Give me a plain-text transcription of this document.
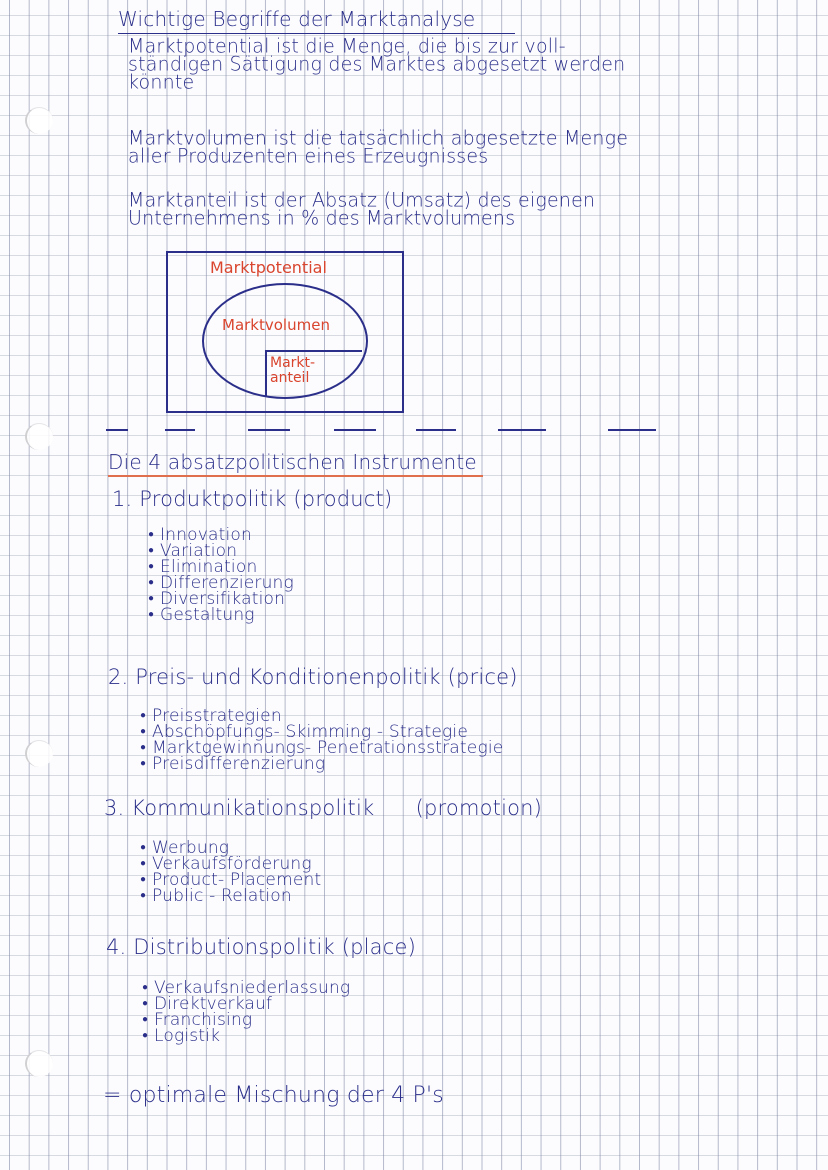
Wichtige Begriffe der Marktanalyse
Marktpotential ist die Menge, die bis zur voll-
ständigen Sättigung des Marktes abgesetzt werden
könnte
Marktvolumen ist die tatsächlich abgesetzte Menge
aller Produzenten eines Erzeugnisses
Marktanteil ist der Absatz (Umsatz) des eigenen
Unternehmens in % des Marktvolumens
Marktpotential
Marktvolumen
Markt-
anteil
Die 4 absatzpolitischen Instrumente
1. Produktpolitik (product)
● Innovation
● Variation
● Elimination
● Differenzierung
● Diversifikation
● Gestaltung
2. Preis- und Konditionenpolitik (price)
● Preisstrategien
● Abschöpfungs- Skimming - Strategie
● Marktgewinnungs- Penetrationsstrategie
● Preisdifferenzierung
3. Kommunikationspolitik      (promotion)
● Werbung
● Verkaufsförderung
● Product- Placement
● Public - Relation
4. Distributionspolitik (place)
● Verkaufsniederlassung
● Direktverkauf
● Franchising
● Logistik
= optimale Mischung der 4 P's
